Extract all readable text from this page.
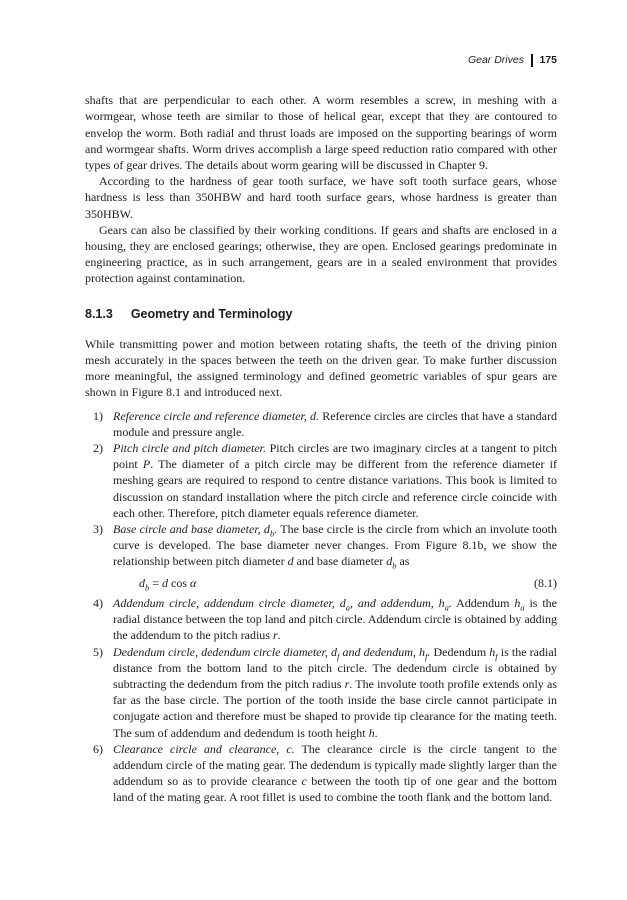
Gear Drives 175

shafts that are perpendicular to each other. A worm resembles a screw, in meshing with a wormgear, whose teeth are similar to those of helical gear, except that they are contoured to envelop the worm. Both radial and thrust loads are imposed on the supporting bearings of worm and wormgear shafts. Worm drives accomplish a large speed reduction ratio compared with other types of gear drives. The details about worm gearing will be discussed in Chapter 9.

According to the hardness of gear tooth surface, we have soft tooth surface gears, whose hardness is less than 350HBW and hard tooth surface gears, whose hardness is greater than 350HBW.

Gears can also be classified by their working conditions. If gears and shafts are enclosed in a housing, they are enclosed gearings; otherwise, they are open. Enclosed gearings predominate in engineering practice, as in such arrangement, gears are in a sealed environment that provides protection against contamination.

8.1.3 Geometry and Terminology

While transmitting power and motion between rotating shafts, the teeth of the driving pinion mesh accurately in the spaces between the teeth on the driven gear. To make further discussion more meaningful, the assigned terminology and defined geometric variables of spur gears are shown in Figure 8.1 and introduced next.

1) Reference circle and reference diameter, d. Reference circles are circles that have a standard module and pressure angle.
2) Pitch circle and pitch diameter. Pitch circles are two imaginary circles at a tangent to pitch point P. The diameter of a pitch circle may be different from the reference diameter if meshing gears are required to respond to centre distance variations. This book is limited to discussion on standard installation where the pitch circle and reference circle coincide with each other. Therefore, pitch diameter equals reference diameter.
3) Base circle and base diameter, $d_b$. The base circle is the circle from which an involute tooth curve is developed. The base diameter never changes. From Figure 8.1b, we show the relationship between pitch diameter d and base diameter $d_b$ as
$d_b = d$ cos α	(8.1)
4) Addendum circle, addendum circle diameter, $d_a$, and addendum, $h_a$. Addendum $h_a$ is the radial distance between the top land and pitch circle. Addendum circle is obtained by adding the addendum to the pitch radius r.
5) Dedendum circle, dedendum circle diameter, $d_f$ and dedendum, $h_f$. Dedendum $h_f$ is the radial distance from the bottom land to the pitch circle. The dedendum circle is obtained by subtracting the dedendum from the pitch radius r. The involute tooth profile extends only as far as the base circle. The portion of the tooth inside the base circle cannot participate in conjugate action and therefore must be shaped to provide tip clearance for the mating teeth. The sum of addendum and dedendum is tooth height h.
6) Clearance circle and clearance, c. The clearance circle is the circle tangent to the addendum circle of the mating gear. The dedendum is typically made slightly larger than the addendum so as to provide clearance c between the tooth tip of one gear and the bottom land of the mating gear. A root fillet is used to combine the tooth flank and the bottom land.
